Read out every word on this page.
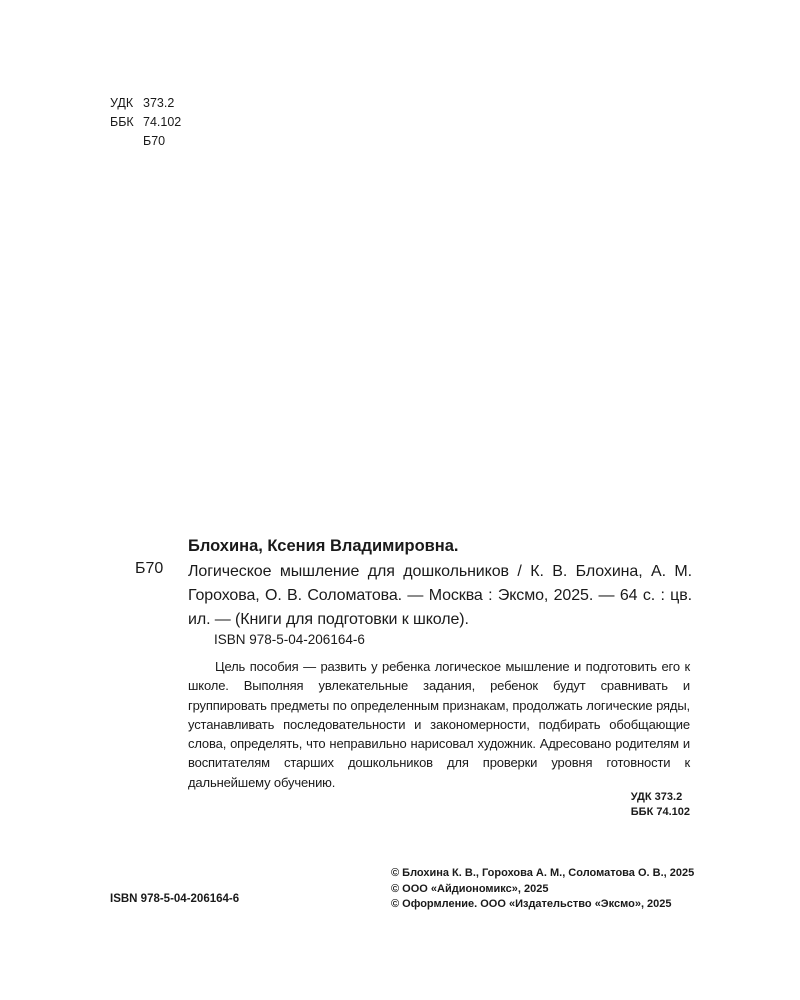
УДК 373.2
ББК 74.102
Б70
Блохина, Ксения Владимировна.
Б70 Логическое мышление для дошкольников / К. В. Блохина, А. М. Горохова, О. В. Соломатова. — Москва : Эксмо, 2025. — 64 с. : цв. ил. — (Книги для подготовки к школе).
ISBN 978-5-04-206164-6
Цель пособия — развить у ребенка логическое мышление и подготовить его к школе. Выполняя увлекательные задания, ребенок будут сравнивать и группировать предметы по определенным признакам, продолжать логические ряды, устанавливать последовательности и закономерности, подбирать обобщающие слова, определять, что неправильно нарисовал художник. Адресовано родителям и воспитателям старших дошкольников для проверки уровня готовности к дальнейшему обучению.
УДК 373.2
ББК 74.102
© Блохина К. В., Горохова А. М., Соломатова О. В., 2025
© ООО «Айдиономикс», 2025
© Оформление. ООО «Издательство «Эксмо», 2025
ISBN 978-5-04-206164-6
